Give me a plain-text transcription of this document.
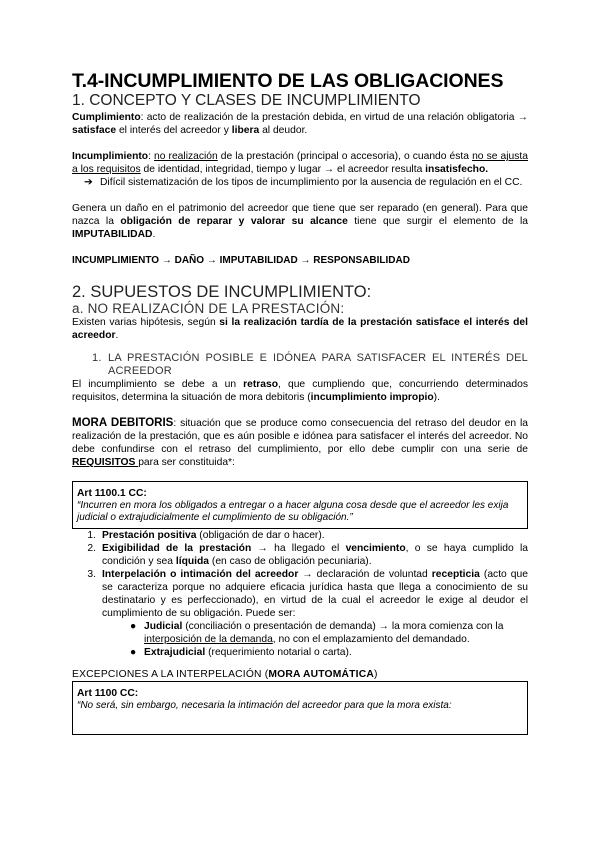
T.4-INCUMPLIMIENTO DE LAS OBLIGACIONES
1. CONCEPTO Y CLASES DE INCUMPLIMIENTO

Cumplimiento: acto de realización de la prestación debida, en virtud de una relación obligatoria → satisface el interés del acreedor y libera al deudor.

Incumplimiento: no realización de la prestación (principal o accesoria), o cuando ésta no se ajusta a los requisitos de identidad, integridad, tiempo y lugar → el acreedor resulta insatisfecho.

➔ Difícil sistematización de los tipos de incumplimiento por la ausencia de regulación en el CC.

Genera un daño en el patrimonio del acreedor que tiene que ser reparado (en general). Para que nazca la obligación de reparar y valorar su alcance tiene que surgir el elemento de la IMPUTABILIDAD.

INCUMPLIMIENTO → DAÑO → IMPUTABILIDAD → RESPONSABILIDAD

2. SUPUESTOS DE INCUMPLIMIENTO:
a. NO REALIZACIÓN DE LA PRESTACIÓN:

Existen varias hipótesis, según si la realización tardía de la prestación satisface el interés del acreedor.

1. LA PRESTACIÓN POSIBLE E IDÓNEA PARA SATISFACER EL INTERÉS DEL ACREEDOR

El incumplimiento se debe a un retraso, que cumpliendo que, concurriendo determinados requisitos, determina la situación de mora debitoris (incumplimiento impropio).

MORA DEBITORIS: situación que se produce como consecuencia del retraso del deudor en la realización de la prestación, que es aún posible e idónea para satisfacer el interés del acreedor. No debe confundirse con el retraso del cumplimiento, por ello debe cumplir con una serie de REQUISITOS para ser constituida*:

Art 1100.1 CC:
“Incurren en mora los obligados a entregar o a hacer alguna cosa desde que el acreedor les exija judicial o extrajudicialmente el cumplimiento de su obligación.”
1. Prestación positiva (obligación de dar o hacer).
2. Exigibilidad de la prestación → ha llegado el vencimiento, o se haya cumplido la condición y sea líquida (en caso de obligación pecuniaria).
3. Interpelación o intimación del acreedor → declaración de voluntad recepticia (acto que se caracteriza porque no adquiere eficacia jurídica hasta que llega a conocimiento de su destinatario y es perfeccionado), en virtud de la cual el acreedor le exige al deudor el cumplimiento de su obligación. Puede ser:
● Judicial (conciliación o presentación de demanda) → la mora comienza con la interposición de la demanda, no con el emplazamiento del demandado.
● Extrajudicial (requerimiento notarial o carta).

EXCEPCIONES A LA INTERPELACIÓN (MORA AUTOMÁTICA)

Art 1100 CC:
“No será, sin embargo, necesaria la intimación del acreedor para que la mora exista:
